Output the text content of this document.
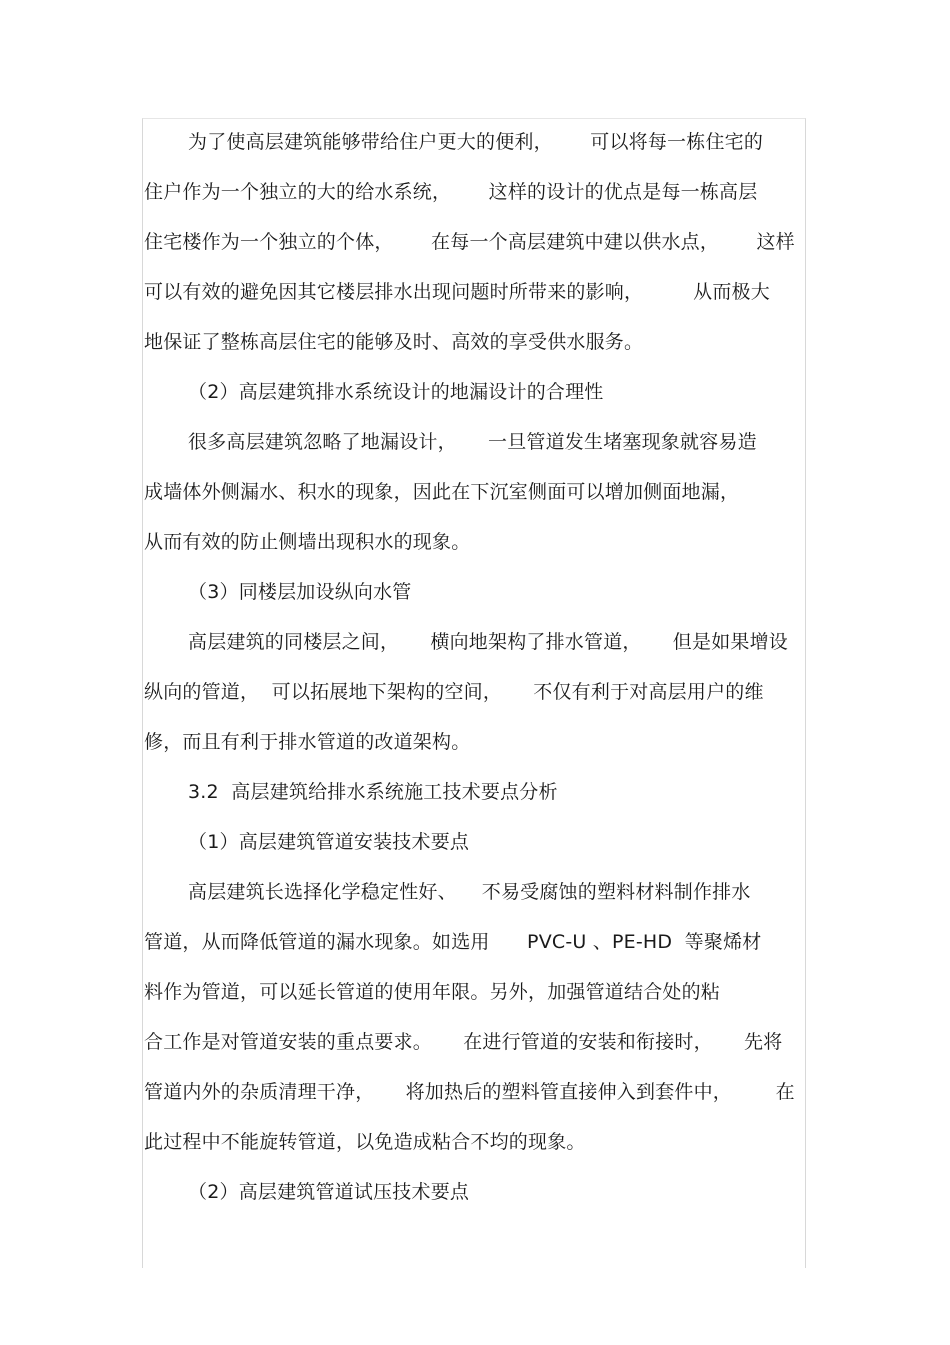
为了使高层建筑能够带给住户更大的便利，      可以将每一栋住宅的
住户作为一个独立的大的给水系统，      这样的设计的优点是每一栋高层
住宅楼作为一个独立的个体，      在每一个高层建筑中建以供水点，      这样
可以有效的避免因其它楼层排水出现问题时所带来的影响，        从而极大
地保证了整栋高层住宅的能够及时、高效的享受供水服务。
（2）高层建筑排水系统设计的地漏设计的合理性
很多高层建筑忽略了地漏设计，     一旦管道发生堵塞现象就容易造
成墙体外侧漏水、积水的现象，因此在下沉室侧面可以增加侧面地漏，
从而有效的防止侧墙出现积水的现象。
（3）同楼层加设纵向水管
高层建筑的同楼层之间，     横向地架构了排水管道，     但是如果增设
纵向的管道，  可以拓展地下架构的空间，     不仅有利于对高层用户的维
修，而且有利于排水管道的改道架构。
3.2  高层建筑给排水系统施工技术要点分析
（1）高层建筑管道安装技术要点
高层建筑长选择化学稳定性好、    不易受腐蚀的塑料材料制作排水
管道，从而降低管道的漏水现象。如选用      PVC-U 、PE-HD  等聚烯材
料作为管道，可以延长管道的使用年限。另外，加强管道结合处的粘
合工作是对管道安装的重点要求。     在进行管道的安装和衔接时，     先将
管道内外的杂质清理干净，     将加热后的塑料管直接伸入到套件中，       在
此过程中不能旋转管道，以免造成粘合不均的现象。
（2）高层建筑管道试压技术要点
